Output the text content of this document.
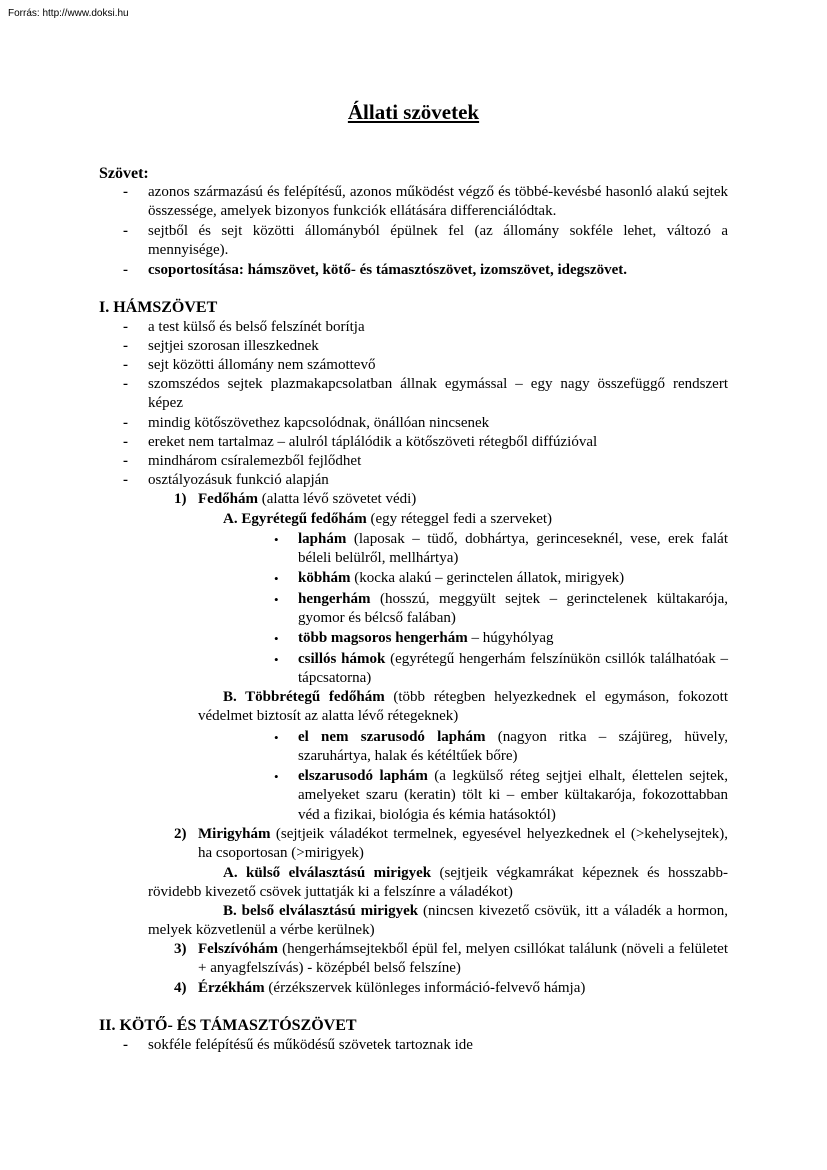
Forrás: http://www.doksi.hu
Állati szövetek
Szövet:
- azonos származású és felépítésű, azonos működést végző és többé-kevésbé hasonló alakú sejtek összessége, amelyek bizonyos funkciók ellátására differenciálódtak.
- sejtből és sejt közötti állományból épülnek fel (az állomány sokféle lehet, változó a mennyisége).
- csoportosítása: hámszövet, kötő- és támasztószövet, izomszövet, idegszövet.
I. HÁMSZÖVET
- a test külső és belső felszínét borítja
- sejtjei szorosan illeszkednek
- sejt közötti állomány nem számottevő
- szomszédos sejtek plazmakapcsolatban állnak egymással – egy nagy összefüggő rendszert képez
- mindig kötőszövethez kapcsolódnak, önállóan nincsenek
- ereket nem tartalmaz – alulról táplálódik a kötőszöveti rétegből diffúzióval
- mindhárom csíralemezből fejlődhet
- osztályozásuk funkció alapján
1) Fedőhám (alatta lévő szövetet védi)
A. Egyrétegű fedőhám (egy réteggel fedi a szerveket)
• laphám (laposak – tüdő, dobhártya, gerinceseknél, vese, erek falát béleli belülről, mellhártya)
• köbhám (kocka alakú – gerinctelen állatok, mirigyek)
• hengerhám (hosszú, meggyült sejtek – gerinctelenek kültakarója, gyomor és bélcső falában)
• több magsoros hengerhám – húgyhólyag
• csillós hámok (egyrétegű hengerhám felszínükön csillók találhatóak – tápcsatorna)
B. Többrétegű fedőhám (több rétegben helyezkednek el egymáson, fokozott védelmet biztosít az alatta lévő rétegeknek)
• el nem szarusodó laphám (nagyon ritka – szájüreg, hüvely, szaruhártya, halak és kétéltűek bőre)
• elszarusodó laphám (a legkülső réteg sejtjei elhalt, élettelen sejtek, amelyeket szaru (keratin) tölt ki – ember kültakarója, fokozottabban véd a fizikai, biológia és kémia hatásoktól)
2) Mirigyhám (sejtjeik váladékot termelnek, egyesével helyezkednek el (>kehelysejtek), ha csoportosan (>mirigyek)
A. külső elválasztású mirigyek (sejtjeik végkamrákat képeznek és hosszabb-rövidebb kivezető csövek juttatják ki a felszínre a váladékot)
B. belső elválasztású mirigyek (nincsen kivezető csövük, itt a váladék a hormon, melyek közvetlenül a vérbe kerülnek)
3) Felszívóhám (hengerhámsejtekből épül fel, melyen csillókat találunk (növeli a felületet + anyagfelszívás) - középbél belső felszíne)
4) Érzékhám (érzékszervek különleges információ-felvevő hámja)
II. KÖTŐ- ÉS TÁMASZTÓSZÖVET
- sokféle felépítésű és működésű szövetek tartoznak ide
